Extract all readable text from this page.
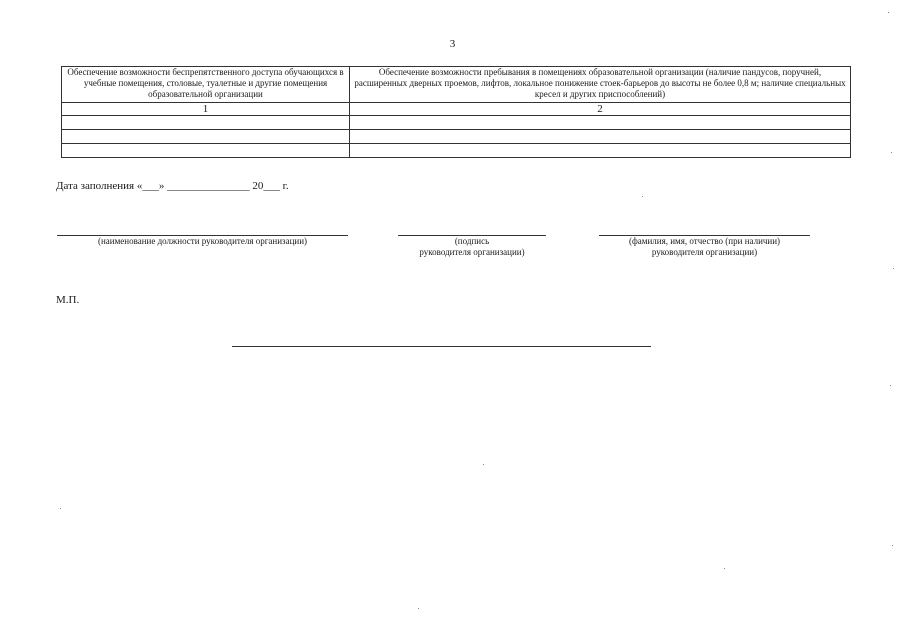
3
Обеспечение возможности беспрепятственного доступа обучающихся в учебные помещения, столовые, туалетные и другие помещения образовательной организации	Обеспечение возможности пребывания в помещениях образовательной организации (наличие пандусов, поручней, расширенных дверных проемов, лифтов, локальное понижение стоек-барьеров до высоты не более 0,8 м; наличие специальных кресел и других приспособлений)
1	2

Дата заполнения «___» _______________ 20___ г.
(наименование должности руководителя организации)	(подпись
руководителя организации)
(фамилия, имя, отчество (при наличии)
руководителя организации)
М.П.
